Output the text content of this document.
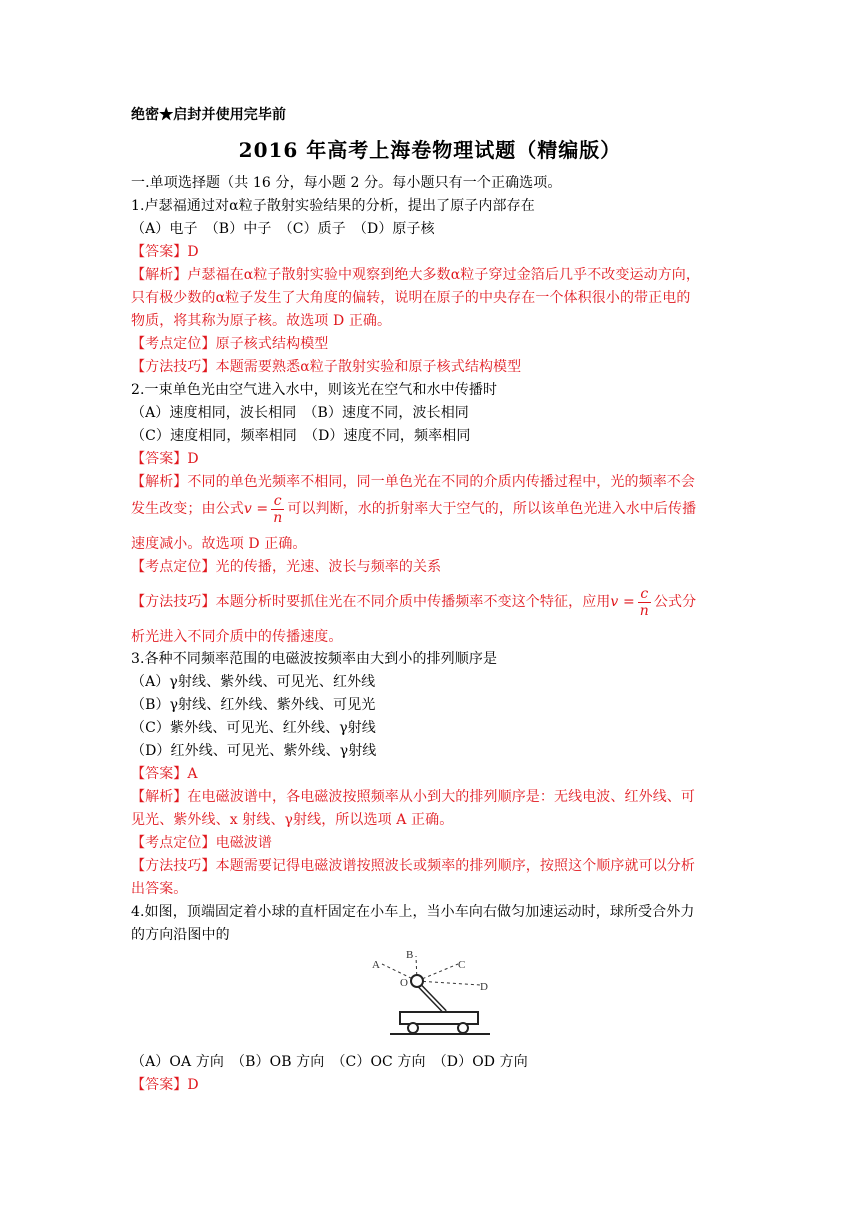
绝密★启封并使用完毕前
2016 年高考上海卷物理试题（精编版）
一.单项选择题（共 16 分，每小题 2 分。每小题只有一个正确选项。
1.卢瑟福通过对α粒子散射实验结果的分析，提出了原子内部存在
（A）电子　（B）中子　（C）质子　（D）原子核
【答案】D
【解析】卢瑟福在α粒子散射实验中观察到绝大多数α粒子穿过金箔后几乎不改变运动方向，
只有极少数的α粒子发生了大角度的偏转，说明在原子的中央存在一个体积很小的带正电的
物质，将其称为原子核。故选项 D 正确。
【考点定位】原子核式结构模型
【方法技巧】本题需要熟悉α粒子散射实验和原子核式结构模型
2.一束单色光由空气进入水中，则该光在空气和水中传播时
（A）速度相同，波长相同　（B）速度不同，波长相同
（C）速度相同，频率相同　（D）速度不同，频率相同
【答案】D
【解析】不同的单色光频率不相同，同一单色光在不同的介质内传播过程中，光的频率不会
发生改变；由公式$v = \frac{c}{n}$ 可以判断，水的折射率大于空气的，所以该单色光进入水中后传播
速度减小。故选项 D 正确。
【考点定位】光的传播，光速、波长与频率的关系
【方法技巧】本题分析时要抓住光在不同介质中传播频率不变这个特征，应用$v = \frac{c}{n}$ 公式分
析光进入不同介质中的传播速度。
3.各种不同频率范围的电磁波按频率由大到小的排列顺序是
（A）γ射线、紫外线、可见光、红外线
（B）γ射线、红外线、紫外线、可见光
（C）紫外线、可见光、红外线、γ射线
（D）红外线、可见光、紫外线、γ射线
【答案】A
【解析】在电磁波谱中，各电磁波按照频率从小到大的排列顺序是：无线电波、红外线、可
见光、紫外线、x 射线、γ射线，所以选项 A 正确。
【考点定位】电磁波谱
【方法技巧】本题需要记得电磁波谱按照波长或频率的排列顺序，按照这个顺序就可以分析
出答案。
4.如图，顶端固定着小球的直杆固定在小车上，当小车向右做匀加速运动时，球所受合外力
的方向沿图中的
A
B
C
D
O
（A）OA 方向　（B）OB 方向　（C）OC 方向　（D）OD 方向
【答案】D
